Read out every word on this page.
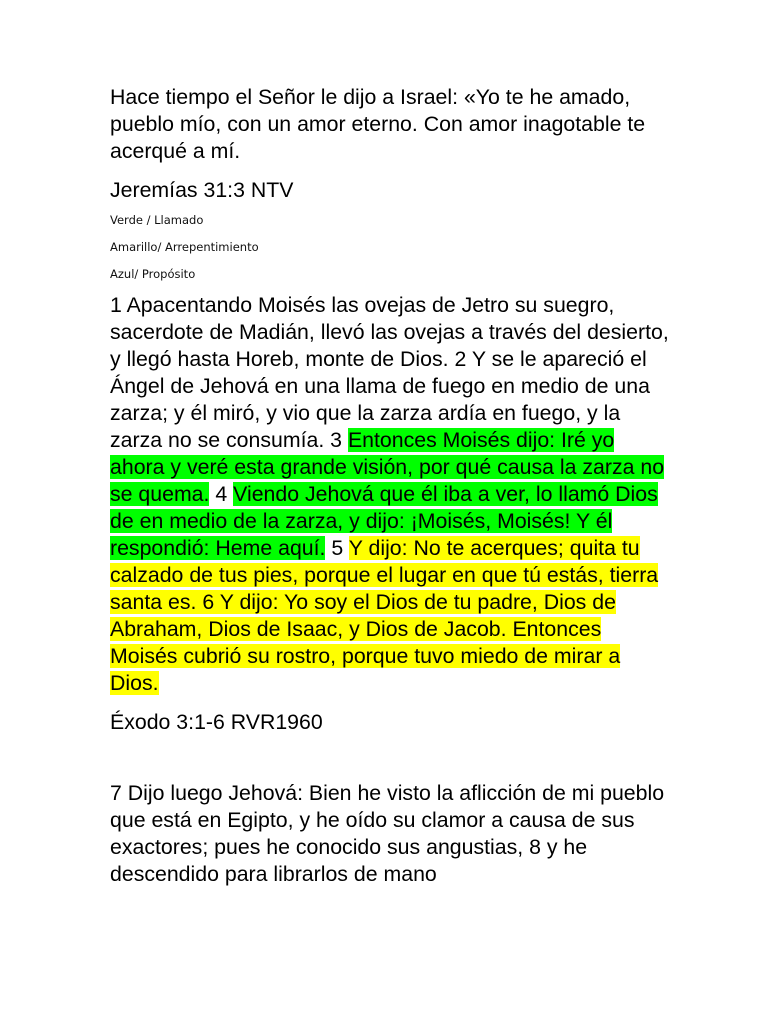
Hace tiempo el Señor le dijo a Israel: «Yo te he amado, pueblo mío, con un amor eterno. Con amor inagotable te acerqué a mí.

Jeremías 31:3 NTV

Verde / Llamado

Amarillo/ Arrepentimiento

Azul/ Propósito

1 Apacentando Moisés las ovejas de Jetro su suegro, sacerdote de Madián, llevó las ovejas a través del desierto, y llegó hasta Horeb, monte de Dios. 2 Y se le apareció el Ángel de Jehová en una llama de fuego en medio de una zarza; y él miró, y vio que la zarza ardía en fuego, y la zarza no se consumía. 3 Entonces Moisés dijo: Iré yo ahora y veré esta grande visión, por qué causa la zarza no se quema. 4 Viendo Jehová que él iba a ver, lo llamó Dios de en medio de la zarza, y dijo: ¡Moisés, Moisés! Y él respondió: Heme aquí. 5 Y dijo: No te acerques; quita tu calzado de tus pies, porque el lugar en que tú estás, tierra santa es. 6 Y dijo: Yo soy el Dios de tu padre, Dios de Abraham, Dios de Isaac, y Dios de Jacob. Entonces Moisés cubrió su rostro, porque tuvo miedo de mirar a Dios.

Éxodo 3:1-6 RVR1960

7 Dijo luego Jehová: Bien he visto la aflicción de mi pueblo que está en Egipto, y he oído su clamor a causa de sus exactores; pues he conocido sus angustias, 8 y he descendido para librarlos de mano
